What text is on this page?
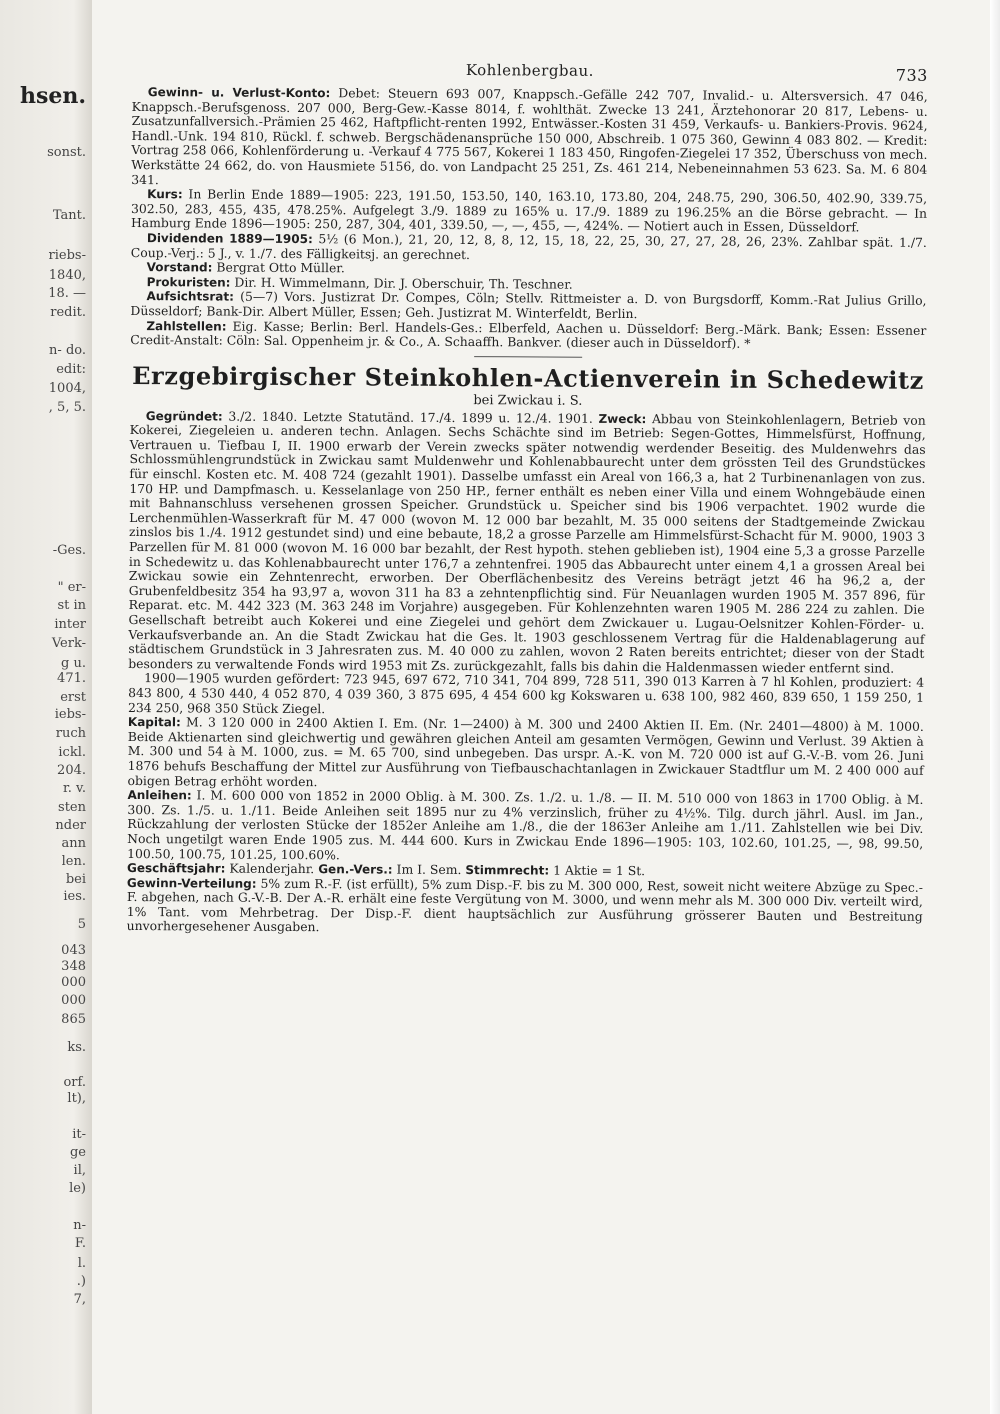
hsen.
sonst.
Tant.
riebs-
1840,
18. —
redit.
n- do.
edit:
1004,
, 5, 5.
-Ges.
" er-
st in
inter
Verk-
g u.
471.
erst
iebs-
ruch
ickl.
204.
r. v.
sten
nder
ann
len.
bei
ies.
5
043
348
000
000
865
ks.
orf.
lt),
it-
ge
il,
le)
n-
F.
l.
.)
7,
Kohlenbergbau.	733

Gewinn- u. Verlust-Konto: Debet: Steuern 693 007, Knappsch.-Gefälle 242 707, Invalid.- u. Altersversich. 47 046, Knappsch.-Berufsgenoss. 207 000, Berg-Gew.-Kasse 8014, f. wohlthät. Zwecke 13 241, Ärztehonorar 20 817, Lebens- u. Zusatzunfallversich.-Prämien 25 462, Haftpflicht-renten 1992, Entwässer.-Kosten 31 459, Verkaufs- u. Bankiers-Provis. 9624, Handl.-Unk. 194 810, Rückl. f. schweb. Bergschädenansprüche 150 000, Abschreib. 1 075 360, Gewinn 4 083 802. — Kredit: Vortrag 258 066, Kohlenförderung u. -Verkauf 4 775 567, Kokerei 1 183 450, Ringofen-Ziegelei 17 352, Überschuss von mech. Werkstätte 24 662, do. von Hausmiete 5156, do. von Landpacht 25 251, Zs. 461 214, Nebeneinnahmen 53 623. Sa. M. 6 804 341.

Kurs: In Berlin Ende 1889—1905: 223, 191.50, 153.50, 140, 163.10, 173.80, 204, 248.75, 290, 306.50, 402.90, 339.75, 302.50, 283, 455, 435, 478.25%. Aufgelegt 3./9. 1889 zu 165% u. 17./9. 1889 zu 196.25% an die Börse gebracht. — In Hamburg Ende 1896—1905: 250, 287, 304, 401, 339.50, —, —, 455, —, 424%. — Notiert auch in Essen, Düsseldorf.

Dividenden 1889—1905: 5½ (6 Mon.), 21, 20, 12, 8, 8, 12, 15, 18, 22, 25, 30, 27, 27, 28, 26, 23%. Zahlbar spät. 1./7. Coup.-Verj.: 5 J., v. 1./7. des Fälligkeitsj. an gerechnet.

Vorstand: Bergrat Otto Müller.

Prokuristen: Dir. H. Wimmelmann, Dir. J. Oberschuir, Th. Teschner.

Aufsichtsrat: (5—7) Vors. Justizrat Dr. Compes, Cöln; Stellv. Rittmeister a. D. von Burgsdorff, Komm.-Rat Julius Grillo, Düsseldorf; Bank-Dir. Albert Müller, Essen; Geh. Justizrat M. Winterfeldt, Berlin.

Zahlstellen: Eig. Kasse; Berlin: Berl. Handels-Ges.: Elberfeld, Aachen u. Düsseldorf: Berg.-Märk. Bank; Essen: Essener Credit-Anstalt: Cöln: Sal. Oppenheim jr. & Co., A. Schaaffh. Bankver. (dieser auch in Düsseldorf). *

Erzgebirgischer Steinkohlen-Actienverein in Schedewitz
bei Zwickau i. S.

Gegründet: 3./2. 1840. Letzte Statutänd. 17./4. 1899 u. 12./4. 1901. Zweck: Abbau von Steinkohlenlagern, Betrieb von Kokerei, Ziegeleien u. anderen techn. Anlagen. Sechs Schächte sind im Betrieb: Segen-Gottes, Himmelsfürst, Hoffnung, Vertrauen u. Tiefbau I, II. 1900 erwarb der Verein zwecks später notwendig werdender Beseitig. des Muldenwehrs das Schlossmühlengrundstück in Zwickau samt Muldenwehr und Kohlenabbaurecht unter dem grössten Teil des Grundstückes für einschl. Kosten etc. M. 408 724 (gezahlt 1901). Dasselbe umfasst ein Areal von 166,3 a, hat 2 Turbinenanlagen von zus. 170 HP. und Dampfmasch. u. Kesselanlage von 250 HP., ferner enthält es neben einer Villa und einem Wohngebäude einen mit Bahnanschluss versehenen grossen Speicher. Grundstück u. Speicher sind bis 1906 verpachtet. 1902 wurde die Lerchenmühlen-Wasserkraft für M. 47 000 (wovon M. 12 000 bar bezahlt, M. 35 000 seitens der Stadtgemeinde Zwickau zinslos bis 1./4. 1912 gestundet sind) und eine bebaute, 18,2 a grosse Parzelle am Himmelsfürst-Schacht für M. 9000, 1903 3 Parzellen für M. 81 000 (wovon M. 16 000 bar bezahlt, der Rest hypoth. stehen geblieben ist), 1904 eine 5,3 a grosse Parzelle in Schedewitz u. das Kohlenabbaurecht unter 176,7 a zehntenfrei. 1905 das Abbaurecht unter einem 4,1 a grossen Areal bei Zwickau sowie ein Zehntenrecht, erworben. Der Oberflächenbesitz des Vereins beträgt jetzt 46 ha 96,2 a, der Grubenfeldbesitz 354 ha 93,97 a, wovon 311 ha 83 a zehntenpflichtig sind. Für Neuanlagen wurden 1905 M. 357 896, für Reparat. etc. M. 442 323 (M. 363 248 im Vorjahre) ausgegeben. Für Kohlenzehnten waren 1905 M. 286 224 zu zahlen. Die Gesellschaft betreibt auch Kokerei und eine Ziegelei und gehört dem Zwickauer u. Lugau-Oelsnitzer Kohlen-Förder- u. Verkaufsverbande an. An die Stadt Zwickau hat die Ges. lt. 1903 geschlossenem Vertrag für die Haldenablagerung auf städtischem Grundstück in 3 Jahresraten zus. M. 40 000 zu zahlen, wovon 2 Raten bereits entrichtet; dieser von der Stadt besonders zu verwaltende Fonds wird 1953 mit Zs. zurückgezahlt, falls bis dahin die Haldenmassen wieder entfernt sind.

1900—1905 wurden gefördert: 723 945, 697 672, 710 341, 704 899, 728 511, 390 013 Karren à 7 hl Kohlen, produziert: 4 843 800, 4 530 440, 4 052 870, 4 039 360, 3 875 695, 4 454 600 kg Kokswaren u. 638 100, 982 460, 839 650, 1 159 250, 1 234 250, 968 350 Stück Ziegel.

Kapital: M. 3 120 000 in 2400 Aktien I. Em. (Nr. 1—2400) à M. 300 und 2400 Aktien II. Em. (Nr. 2401—4800) à M. 1000. Beide Aktienarten sind gleichwertig und gewähren gleichen Anteil am gesamten Vermögen, Gewinn und Verlust. 39 Aktien à M. 300 und 54 à M. 1000, zus. = M. 65 700, sind unbegeben. Das urspr. A.-K. von M. 720 000 ist auf G.-V.-B. vom 26. Juni 1876 behufs Beschaffung der Mittel zur Ausführung von Tiefbauschachtanlagen in Zwickauer Stadtflur um M. 2 400 000 auf obigen Betrag erhöht worden.

Anleihen: I. M. 600 000 von 1852 in 2000 Oblig. à M. 300. Zs. 1./2. u. 1./8. — II. M. 510 000 von 1863 in 1700 Oblig. à M. 300. Zs. 1./5. u. 1./11. Beide Anleihen seit 1895 nur zu 4% verzinslich, früher zu 4½%. Tilg. durch jährl. Ausl. im Jan., Rückzahlung der verlosten Stücke der 1852er Anleihe am 1./8., die der 1863er Anleihe am 1./11. Zahlstellen wie bei Div. Noch ungetilgt waren Ende 1905 zus. M. 444 600. Kurs in Zwickau Ende 1896—1905: 103, 102.60, 101.25, —, 98, 99.50, 100.50, 100.75, 101.25, 100.60%.

Geschäftsjahr: Kalenderjahr. Gen.-Vers.: Im I. Sem. Stimmrecht: 1 Aktie = 1 St.

Gewinn-Verteilung: 5% zum R.-F. (ist erfüllt), 5% zum Disp.-F. bis zu M. 300 000, Rest, soweit nicht weitere Abzüge zu Spec.-F. abgehen, nach G.-V.-B. Der A.-R. erhält eine feste Vergütung von M. 3000, und wenn mehr als M. 300 000 Div. verteilt wird, 1% Tant. vom Mehrbetrag. Der Disp.-F. dient hauptsächlich zur Ausführung grösserer Bauten und Bestreitung unvorhergesehener Ausgaben.
